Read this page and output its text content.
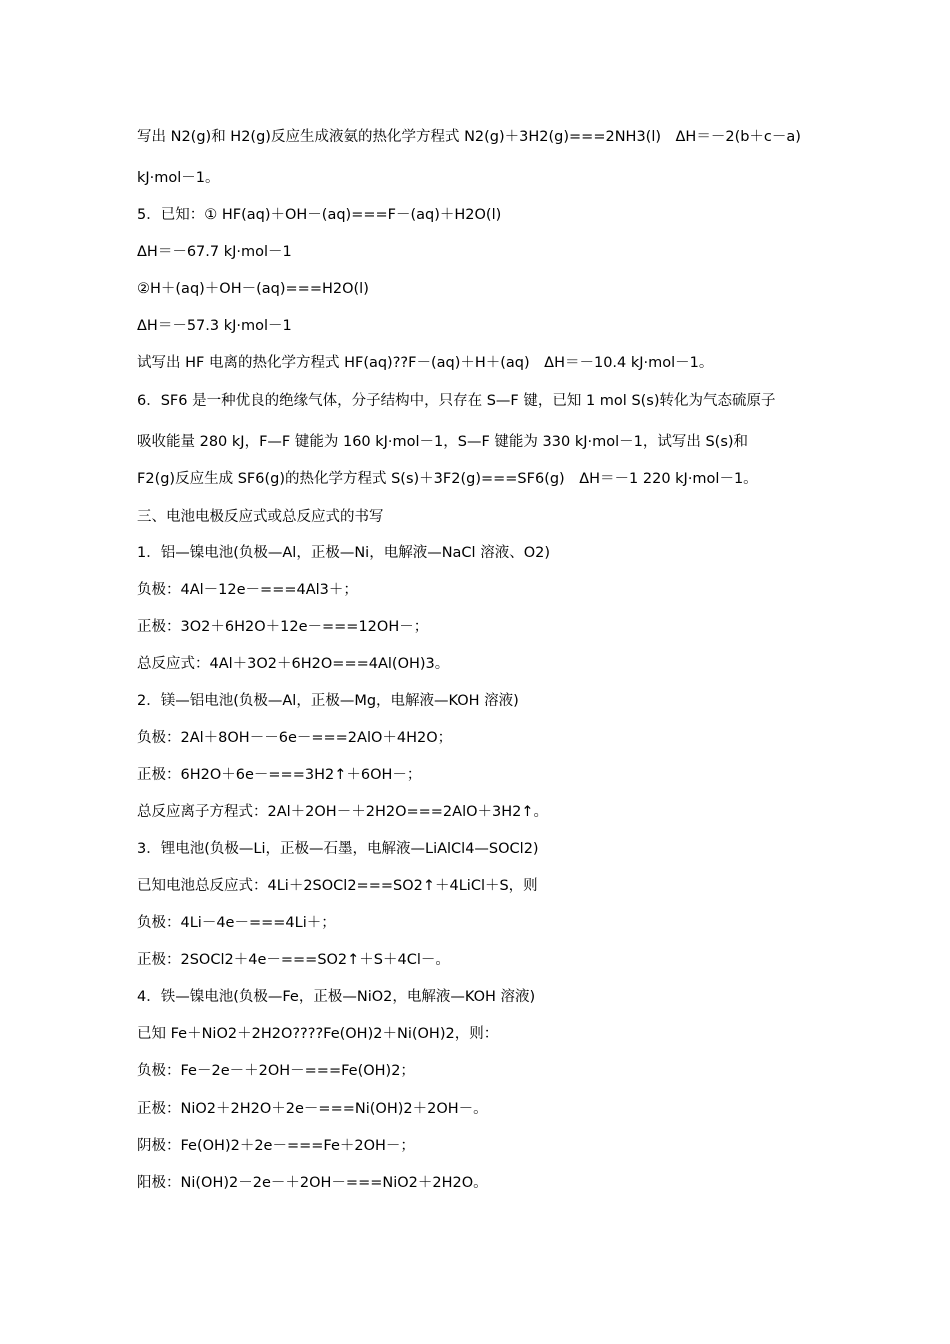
写出 N2(g)和 H2(g)反应生成液氨的热化学方程式 N2(g)＋3H2(g)===2NH3(l)　ΔH＝－2(b＋c－a)
kJ·mol－1。
5．已知：① HF(aq)＋OH－(aq)===F－(aq)＋H2O(l)
ΔH＝－67.7 kJ·mol－1
②H＋(aq)＋OH－(aq)===H2O(l)
ΔH＝－57.3 kJ·mol－1
试写出 HF 电离的热化学方程式 HF(aq)??F－(aq)＋H＋(aq)　ΔH＝－10.4 kJ·mol－1。
6．SF6 是一种优良的绝缘气体，分子结构中，只存在 S—F 键，已知 1 mol S(s)转化为气态硫原子
吸收能量 280 kJ，F—F 键能为 160 kJ·mol－1，S—F 键能为 330 kJ·mol－1，试写出 S(s)和
F2(g)反应生成 SF6(g)的热化学方程式 S(s)＋3F2(g)===SF6(g)　ΔH＝－1 220 kJ·mol－1。
三、电池电极反应式或总反应式的书写
1．铝—镍电池(负极—Al，正极—Ni，电解液—NaCl 溶液、O2)
负极：4Al－12e－===4Al3＋；
正极：3O2＋6H2O＋12e－===12OH－；
总反应式：4Al＋3O2＋6H2O===4Al(OH)3。
2．镁—铝电池(负极—Al，正极—Mg，电解液—KOH 溶液)
负极：2Al＋8OH－－6e－===2AlO＋4H2O；
正极：6H2O＋6e－===3H2↑＋6OH－；
总反应离子方程式：2Al＋2OH－＋2H2O===2AlO＋3H2↑。
3．锂电池(负极—Li，正极—石墨，电解液—LiAlCl4—SOCl2)
已知电池总反应式：4Li＋2SOCl2===SO2↑＋4LiCl＋S，则
负极：4Li－4e－===4Li＋；
正极：2SOCl2＋4e－===SO2↑＋S＋4Cl－。
4．铁—镍电池(负极—Fe，正极—NiO2，电解液—KOH 溶液)
已知 Fe＋NiO2＋2H2O????Fe(OH)2＋Ni(OH)2，则：
负极：Fe－2e－＋2OH－===Fe(OH)2；
正极：NiO2＋2H2O＋2e－===Ni(OH)2＋2OH－。
阴极：Fe(OH)2＋2e－===Fe＋2OH－；
阳极：Ni(OH)2－2e－＋2OH－===NiO2＋2H2O。
